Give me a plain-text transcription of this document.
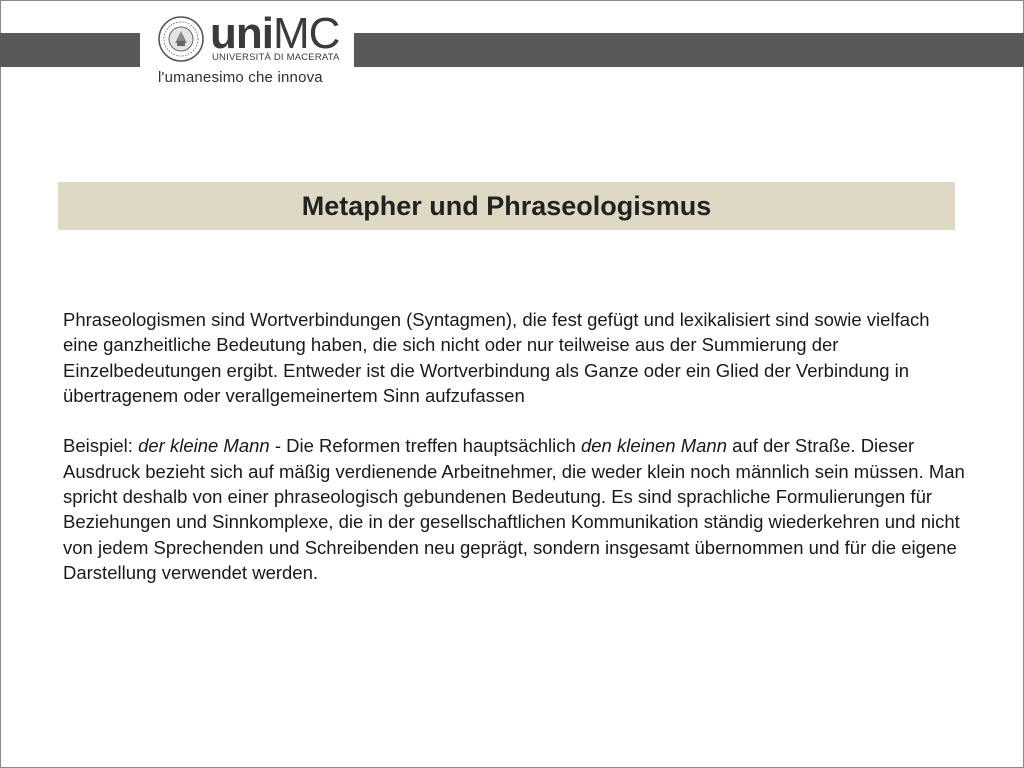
uniMC
UNIVERSITÀ DI MACERATA
l'umanesimo che innova
Metapher und Phraseologismus

Phraseologismen sind Wortverbindungen (Syntagmen), die fest gefügt und lexikalisiert sind sowie vielfach eine ganzheitliche Bedeutung haben, die sich nicht oder nur teilweise aus der Summierung der Einzelbedeutungen ergibt. Entweder ist die Wortverbindung als Ganze oder ein Glied der Verbindung in übertragenem oder verallgemeinertem Sinn aufzufassen

Beispiel: der kleine Mann - Die Reformen treffen hauptsächlich den kleinen Mann auf der Straße. Dieser Ausdruck bezieht sich auf mäßig verdienende Arbeitnehmer, die weder klein noch männlich sein müssen. Man spricht deshalb von einer phraseologisch gebundenen Bedeutung. Es sind sprachliche Formulierungen für Beziehungen und Sinnkomplexe, die in der gesellschaftlichen Kommunikation ständig wiederkehren und nicht von jedem Sprechenden und Schreibenden neu geprägt, sondern insgesamt übernommen und für die eigene Darstellung verwendet werden.
